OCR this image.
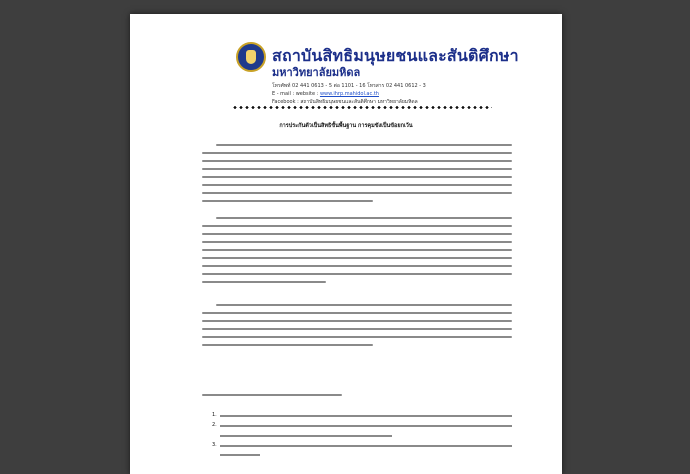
สถาบันสิทธิมนุษยชนและสันติศึกษา
มหาวิทยาลัยมหิดล
โทรศัพท์ 02 441 0613 - 5 ต่อ 1101 - 16 โทรสาร 02 441 0612 - 3
E - mail : website : www.ihrp.mahidol.ac.th
Facebook : สถาบันสิทธิมนุษยชนและสันติศึกษา มหาวิทยาลัยมหิดล
การประกันตัวเป็นสิทธิขั้นพื้นฐาน การคุมขังเป็นข้อยกเว้น
1.
2.
3.
